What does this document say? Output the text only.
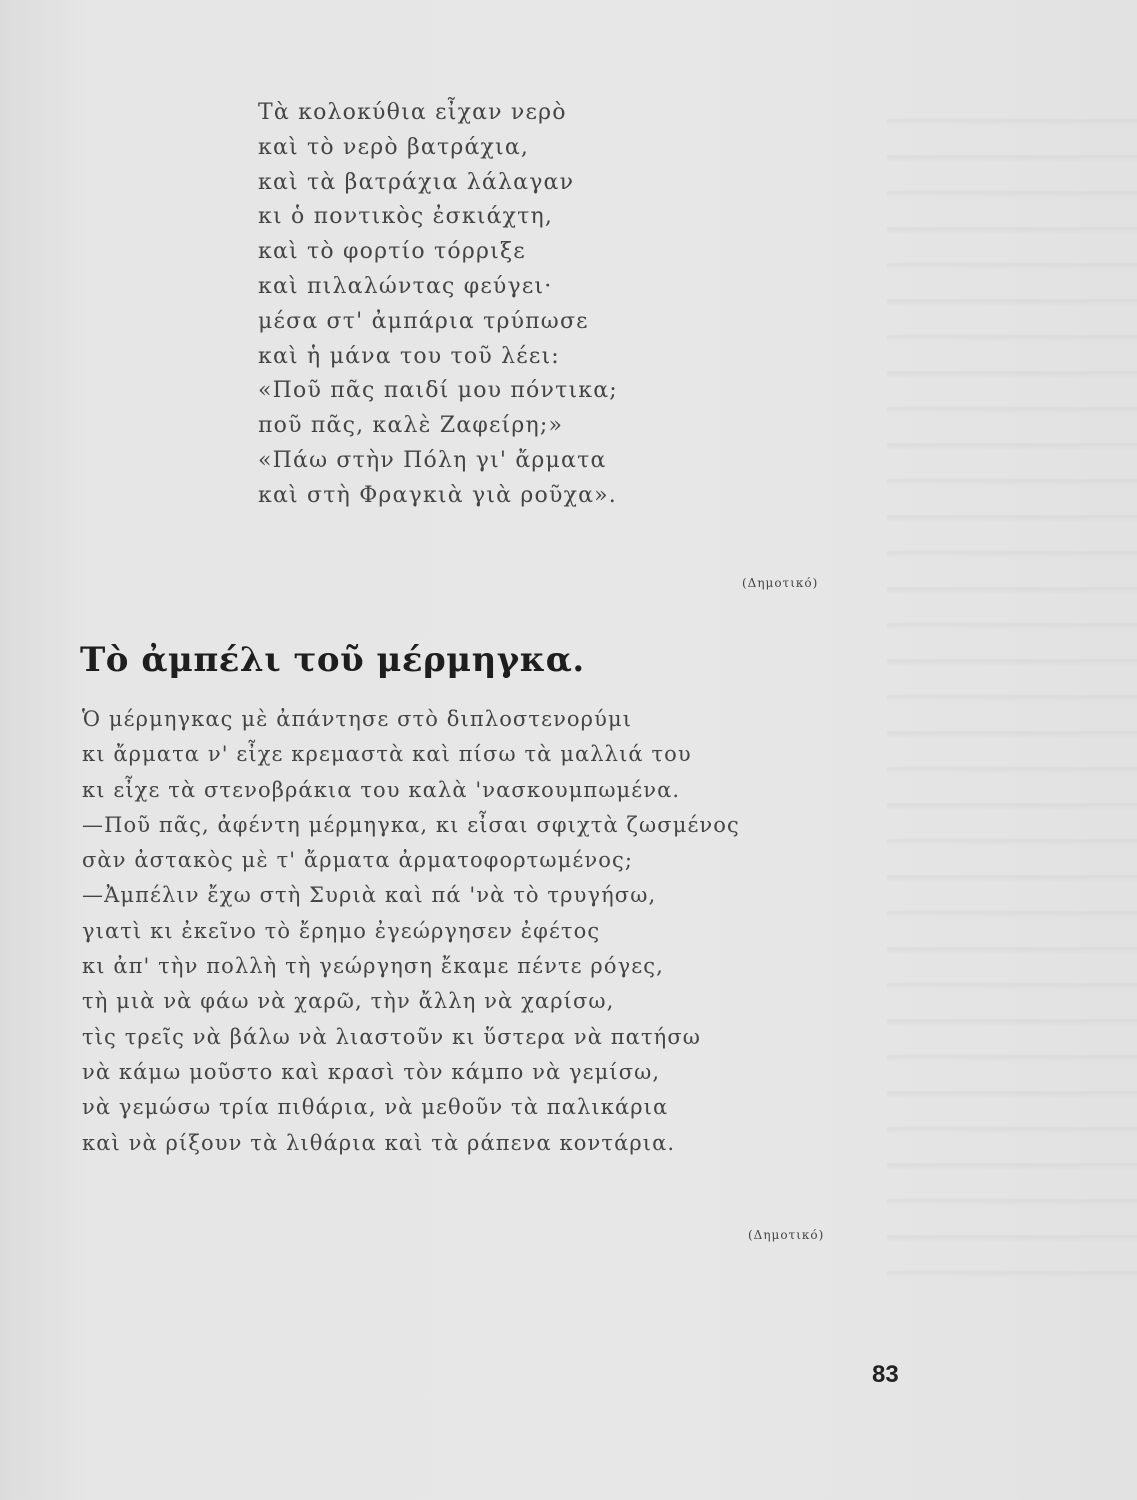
Τὰ κολοκύθια εἶχαν νερὸ
καὶ τὸ νερὸ βατράχια,
καὶ τὰ βατράχια λάλαγαν
κι ὁ ποντικὸς ἐσκιάχτη,
καὶ τὸ φορτίο τόρριξε
καὶ πιλαλώντας φεύγει·
μέσα στ' ἀμπάρια τρύπωσε
καὶ ἡ μάνα του τοῦ λέει:
«Ποῦ πᾶς παιδί μου πόντικα;
ποῦ πᾶς, καλὲ Ζαφείρη;»
«Πάω στὴν Πόλη γι' ἄρματα
καὶ στὴ Φραγκιὰ γιὰ ροῦχα».
(Δημοτικό)
Τὸ ἀμπέλι τοῦ μέρμηγκα.
Ὁ μέρμηγκας μὲ ἀπάντησε στὸ διπλοστενορύμι
κι ἄρματα ν' εἶχε κρεμαστὰ καὶ πίσω τὰ μαλλιά του
κι εἶχε τὰ στενοβράκια του καλὰ 'νασκουμπωμένα.
—Ποῦ πᾶς, ἀφέντη μέρμηγκα, κι εἶσαι σφιχτὰ ζωσμένος
σὰν ἀστακὸς μὲ τ' ἄρματα ἀρματοφορτωμένος;
—Ἀμπέλιν ἔχω στὴ Συριὰ καὶ πά 'νὰ τὸ τρυγήσω,
γιατὶ κι ἐκεῖνο τὸ ἔρημο ἐγεώργησεν ἐφέτος
κι ἀπ' τὴν πολλὴ τὴ γεώργηση ἔκαμε πέντε ρόγες,
τὴ μιὰ νὰ φάω νὰ χαρῶ, τὴν ἄλλη νὰ χαρίσω,
τὶς τρεῖς νὰ βάλω νὰ λιαστοῦν κι ὕστερα νὰ πατήσω
νὰ κάμω μοῦστο καὶ κρασὶ τὸν κάμπο νὰ γεμίσω,
νὰ γεμώσω τρία πιθάρια, νὰ μεθοῦν τὰ παλικάρια
καὶ νὰ ρίξουν τὰ λιθάρια καὶ τὰ ράπενα κοντάρια.
(Δημοτικό)
83
